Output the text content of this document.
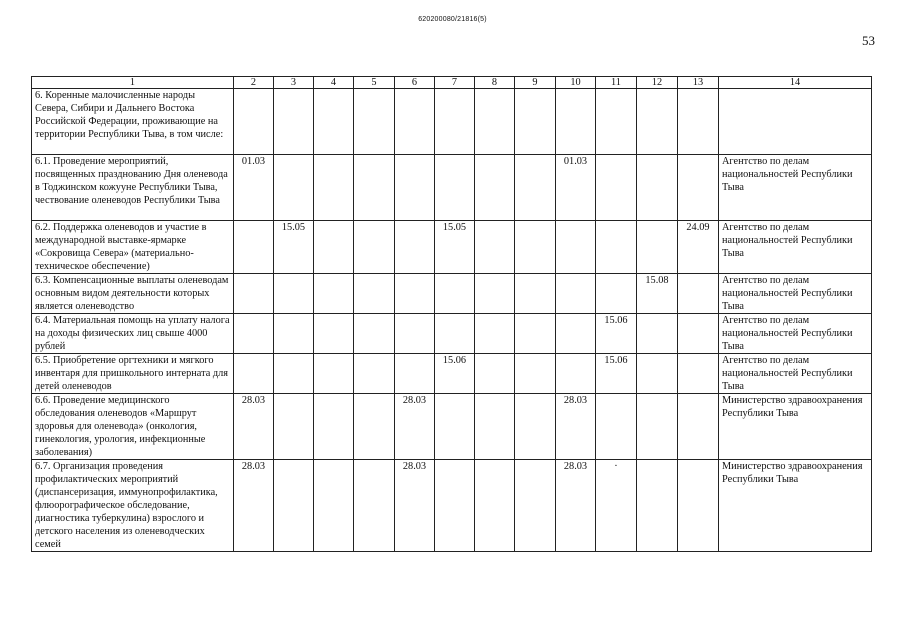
620200080/21816(5)
53
1	2	3	4	5	6	7	8	9	10	11	12	13	14
6. Коренные малочисленные народы Севера, Сибири и Дальнего Востока Российской Федерации, проживающие на территории Республики Тыва, в том числе:													
6.1. Проведение мероприятий, посвященных празднованию Дня оленевода в Тоджинском кожууне Республики Тыва, чествование оленеводов Республики Тыва	01.03								01.03				Агентство по делам национальностей Республики Тыва
6.2. Поддержка оленеводов и участие в международной выставке-ярмарке «Сокровища Севера» (материально-техническое обеспечение)		15.05				15.05						24.09	Агентство по делам национальностей Республики Тыва
6.3. Компенсационные выплаты оленеводам основным видом деятельности которых является оленеводство											15.08		Агентство по делам национальностей Республики Тыва
6.4. Материальная помощь на уплату налога на доходы физических лиц свыше 4000 рублей										15.06			Агентство по делам национальностей Республики Тыва
6.5. Приобретение оргтехники и мягкого инвентаря для пришкольного интерната для детей оленеводов						15.06				15.06			Агентство по делам национальностей Республики Тыва
6.6. Проведение медицинского обследования оленеводов «Маршрут здоровья для оленевода» (онкология, гинекология, урология, инфекционные заболевания)	28.03				28.03				28.03				Министерство здравоохранения Республики Тыва
6.7. Организация проведения профилактических мероприятий (диспансеризация, иммунопрофилактика, флюорографическое обследование, диагностика туберкулина) взрослого и детского населения из оленеводческих семей	28.03				28.03				28.03	·			Министерство здравоохранения Республики Тыва
